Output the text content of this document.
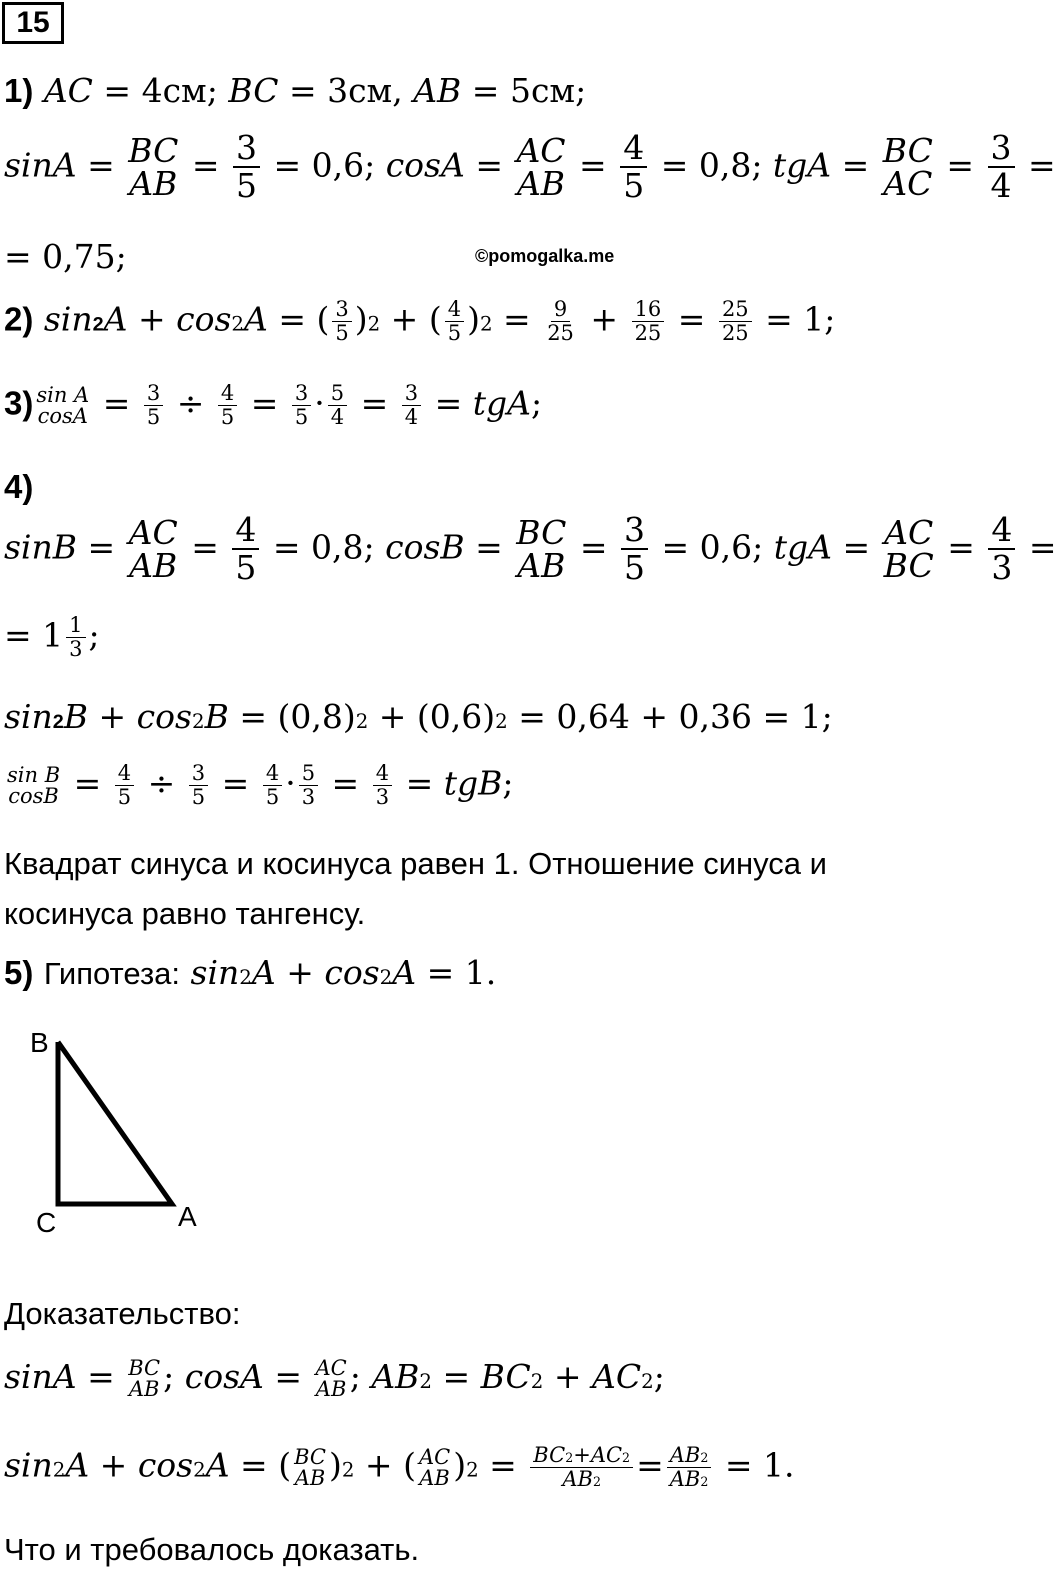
15
1) AC = 4см; BC = 3см, AB = 5см;
sinA = BC
AB = $\frac{3}{5} = 0,6$; cosA = AC
AB = $\frac{4}{5} = 0,8$; tgA = BC
AC = $\frac{3}{4}$ =
= 0,75;	©pomogalka.me
2) $\sin^2A + \cos^2A$ = ( $\frac{3}{5} )^2$ + ( $\frac{4}{5} )^2 = \frac{9}{25} + \frac{16}{25} = \frac{25}{25} = 1$;
3) sin A
$\cos A = \frac{3}{5} \div \frac{4}{5} = \frac{3}{5} \cdot \frac{5}{4} = \frac{3}{4}$ = tgA;
4)
sinB = AC
AB = $\frac{4}{5} = 0,8$; cosB = BC
AB = $\frac{3}{5} = 0,6$; tgA = AC
BC = $\frac{4}{3}$ =
= $1 \frac{1}{3}$ ;
$\sin^2B + \cos^2B = (0,8)^2 + (0,6)^2 = 0,64 + 0,36 = 1$;
sin B
$\cos B = \frac{4}{5} \div \frac{3}{5} = \frac{4}{5} \cdot \frac{5}{3} = \frac{4}{3}$ = tgB;
Квадрат синуса и косинуса равен 1. Отношение синуса и
косинуса равно тангенсу.
5) Гипотеза: $\sin^2A + \cos^2A = 1$.
B
C	A
Доказательство:
sinA = BC
AB ; cosA = AC
AB ; $AB^2 = BC^2 + AC^2$;
$\sin^2A + \cos^2A$ = ( BC
AB )$^2$ + ( AC
AB )$^2 = \frac{BC^2+AC^2}{AB^2} = \frac{AB^2}{AB^2} = 1$.
Что и требовалось доказать.
